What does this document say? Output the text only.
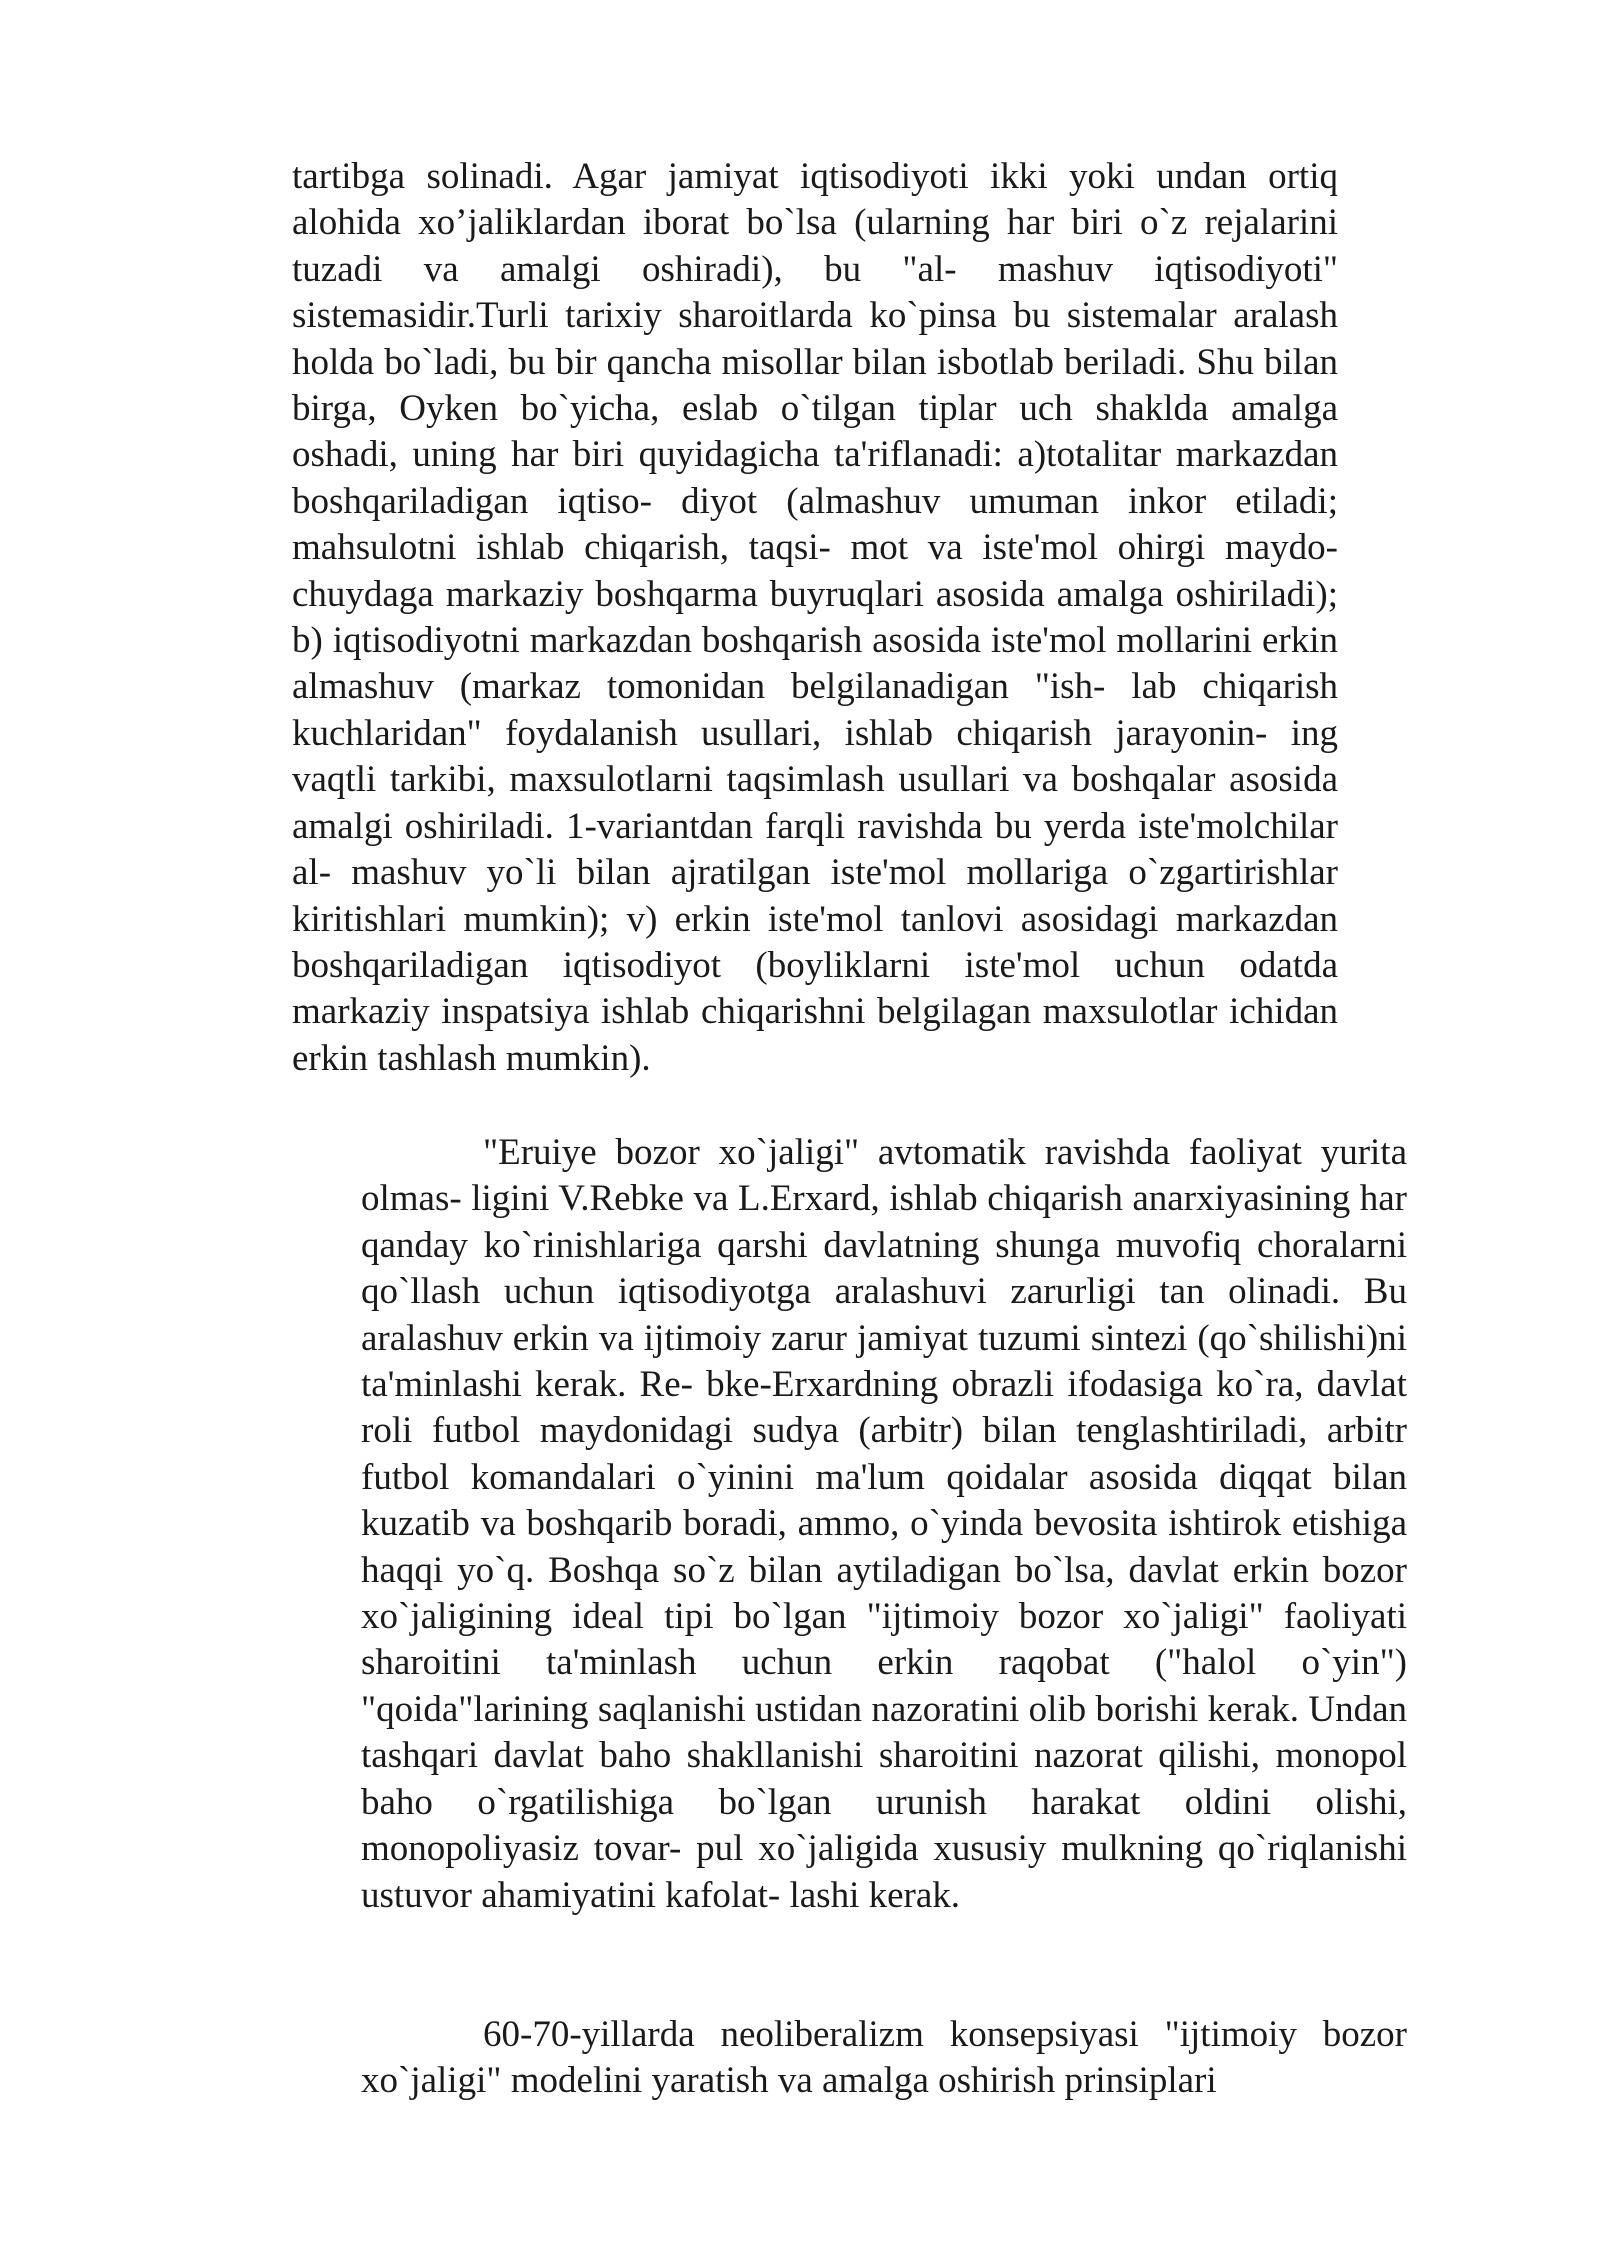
tartibga solinadi. Agar jamiyat iqtisodiyoti ikki yoki undan ortiq alohida xo’jaliklardan iborat bo`lsa (ularning har biri o`z rejalarini tuzadi va amalgi oshiradi), bu "al- mashuv iqtisodiyoti" sistemasidir.Turli tarixiy sharoitlarda ko`pinsa bu sistemalar aralash holda bo`ladi, bu bir qancha misollar bilan isbotlab beriladi. Shu bilan birga, Oyken bo`yicha, eslab o`tilgan tiplar uch shaklda amalga oshadi, uning har biri quyidagicha ta'riflanadi: a)totalitar markazdan boshqariladigan iqtiso- diyot (almashuv umuman inkor etiladi; mahsulotni ishlab chiqarish, taqsi- mot va iste'mol ohirgi maydo-chuydaga markaziy boshqarma buyruqlari asosida amalga oshiriladi); b) iqtisodiyotni markazdan boshqarish asosida iste'mol mollarini erkin almashuv (markaz tomonidan belgilanadigan "ish- lab chiqarish kuchlaridan" foydalanish usullari, ishlab chiqarish jarayonin- ing vaqtli tarkibi, maxsulotlarni taqsimlash usullari va boshqalar asosida amalgi oshiriladi. 1-variantdan farqli ravishda bu yerda iste'molchilar al- mashuv yo`li bilan ajratilgan iste'mol mollariga o`zgartirishlar kiritishlari mumkin); v) erkin iste'mol tanlovi asosidagi markazdan boshqariladigan iqtisodiyot (boyliklarni iste'mol uchun odatda markaziy inspatsiya ishlab chiqarishni belgilagan maxsulotlar ichidan erkin tashlash mumkin).

"Eruiye bozor xo`jaligi" avtomatik ravishda faoliyat yurita olmas- ligini V.Rebke va L.Erxard, ishlab chiqarish anarxiyasining har qanday ko`rinishlariga qarshi davlatning shunga muvofiq choralarni qo`llash uchun iqtisodiyotga aralashuvi zarurligi tan olinadi. Bu aralashuv erkin va ijtimoiy zarur jamiyat tuzumi sintezi (qo`shilishi)ni ta'minlashi kerak. Re- bke-Erxardning obrazli ifodasiga ko`ra, davlat roli futbol maydonidagi sudya (arbitr) bilan tenglashtiriladi, arbitr futbol komandalari o`yinini ma'lum qoidalar asosida diqqat bilan kuzatib va boshqarib boradi, ammo, o`yinda bevosita ishtirok etishiga haqqi yo`q. Boshqa so`z bilan aytiladigan bo`lsa, davlat erkin bozor xo`jaligining ideal tipi bo`lgan "ijtimoiy bozor xo`jaligi" faoliyati sharoitini ta'minlash uchun erkin raqobat ("halol o`yin") "qoida"larining saqlanishi ustidan nazoratini olib borishi kerak. Undan tashqari davlat baho shakllanishi sharoitini nazorat qilishi, monopol baho o`rgatilishiga bo`lgan urunish harakat oldini olishi, monopoliyasiz tovar- pul xo`jaligida xususiy mulkning qo`riqlanishi ustuvor ahamiyatini kafolat- lashi kerak.

60-70-yillarda neoliberalizm konsepsiyasi "ijtimoiy bozor xo`jaligi" modelini yaratish va amalga oshirish prinsiplari
